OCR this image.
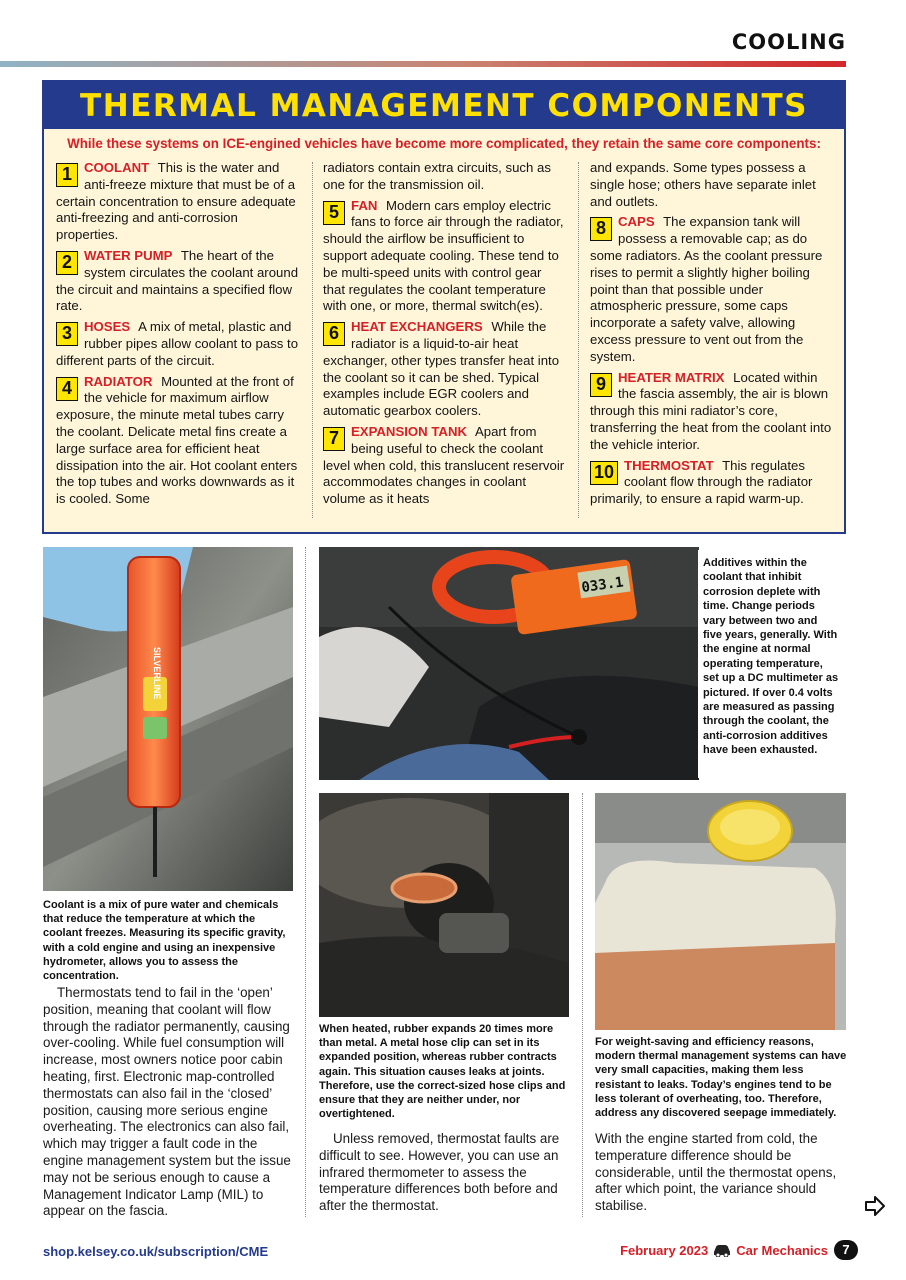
COOLING
THERMAL MANAGEMENT COMPONENTS
While these systems on ICE-engined vehicles have become more complicated, they retain the same core components:
1 COOLANT This is the water and anti-freeze mixture that must be of a certain concentration to ensure adequate anti-freezing and anti-corrosion properties.
2 WATER PUMP The heart of the system circulates the coolant around the circuit and maintains a specified flow rate.
3 HOSES A mix of metal, plastic and rubber pipes allow coolant to pass to different parts of the circuit.
4 RADIATOR Mounted at the front of the vehicle for maximum airflow exposure, the minute metal tubes carry the coolant. Delicate metal fins create a large surface area for efficient heat dissipation into the air. Hot coolant enters the top tubes and works downwards as it is cooled. Some
radiators contain extra circuits, such as one for the transmission oil.
5 FAN Modern cars employ electric fans to force air through the radiator, should the airflow be insufficient to support adequate cooling. These tend to be multi-speed units with control gear that regulates the coolant temperature with one, or more, thermal switch(es).
6 HEAT EXCHANGERS While the radiator is a liquid-to-air heat exchanger, other types transfer heat into the coolant so it can be shed. Typical examples include EGR coolers and automatic gearbox coolers.
7 EXPANSION TANK Apart from being useful to check the coolant level when cold, this translucent reservoir accommodates changes in coolant volume as it heats
and expands. Some types possess a single hose; others have separate inlet and outlets.
8 CAPS The expansion tank will possess a removable cap; as do some radiators. As the coolant pressure rises to permit a slightly higher boiling point than that possible under atmospheric pressure, some caps incorporate a safety valve, allowing excess pressure to vent out from the system.
9 HEATER MATRIX Located within the fascia assembly, the air is blown through this mini radiator’s core, transferring the heat from the coolant into the vehicle interior.
10 THERMOSTAT This regulates coolant flow through the radiator primarily, to ensure a rapid warm-up.
SILVERLINE
Coolant is a mix of pure water and chemicals that reduce the temperature at which the coolant freezes. Measuring its specific gravity, with a cold engine and using an inexpensive hydrometer, allows you to assess the concentration.
033.1
Additives within the coolant that inhibit corrosion deplete with time. Change periods vary between two and five years, generally. With the engine at normal operating temperature, set up a DC multimeter as pictured. If over 0.4 volts are measured as passing through the coolant, the anti-corrosion additives have been exhausted.
When heated, rubber expands 20 times more than metal. A metal hose clip can set in its expanded position, whereas rubber contracts again. This situation causes leaks at joints. Therefore, use the correct-sized hose clips and ensure that they are neither under, nor overtightened.
For weight-saving and efficiency reasons, modern thermal management systems can have very small capacities, making them less resistant to leaks. Today’s engines tend to be less tolerant of overheating, too. Therefore, address any discovered seepage immediately.

Thermostats tend to fail in the ‘open’ position, meaning that coolant will flow through the radiator permanently, causing over-cooling. While fuel consumption will increase, most owners notice poor cabin heating, first. Electronic map-controlled thermostats can also fail in the ‘closed’ position, causing more serious engine overheating. The electronics can also fail, which may trigger a fault code in the engine management system but the issue may not be serious enough to cause a Management Indicator Lamp (MIL) to appear on the fascia.

Unless removed, thermostat faults are difficult to see. However, you can use an infrared thermometer to assess the temperature differences both before and after the thermostat.

With the engine started from cold, the temperature difference should be considerable, until the thermostat opens, after which point, the variance should stabilise.

shop.kelsey.co.uk/subscription/CME	February 2023 Car Mechanics	7
